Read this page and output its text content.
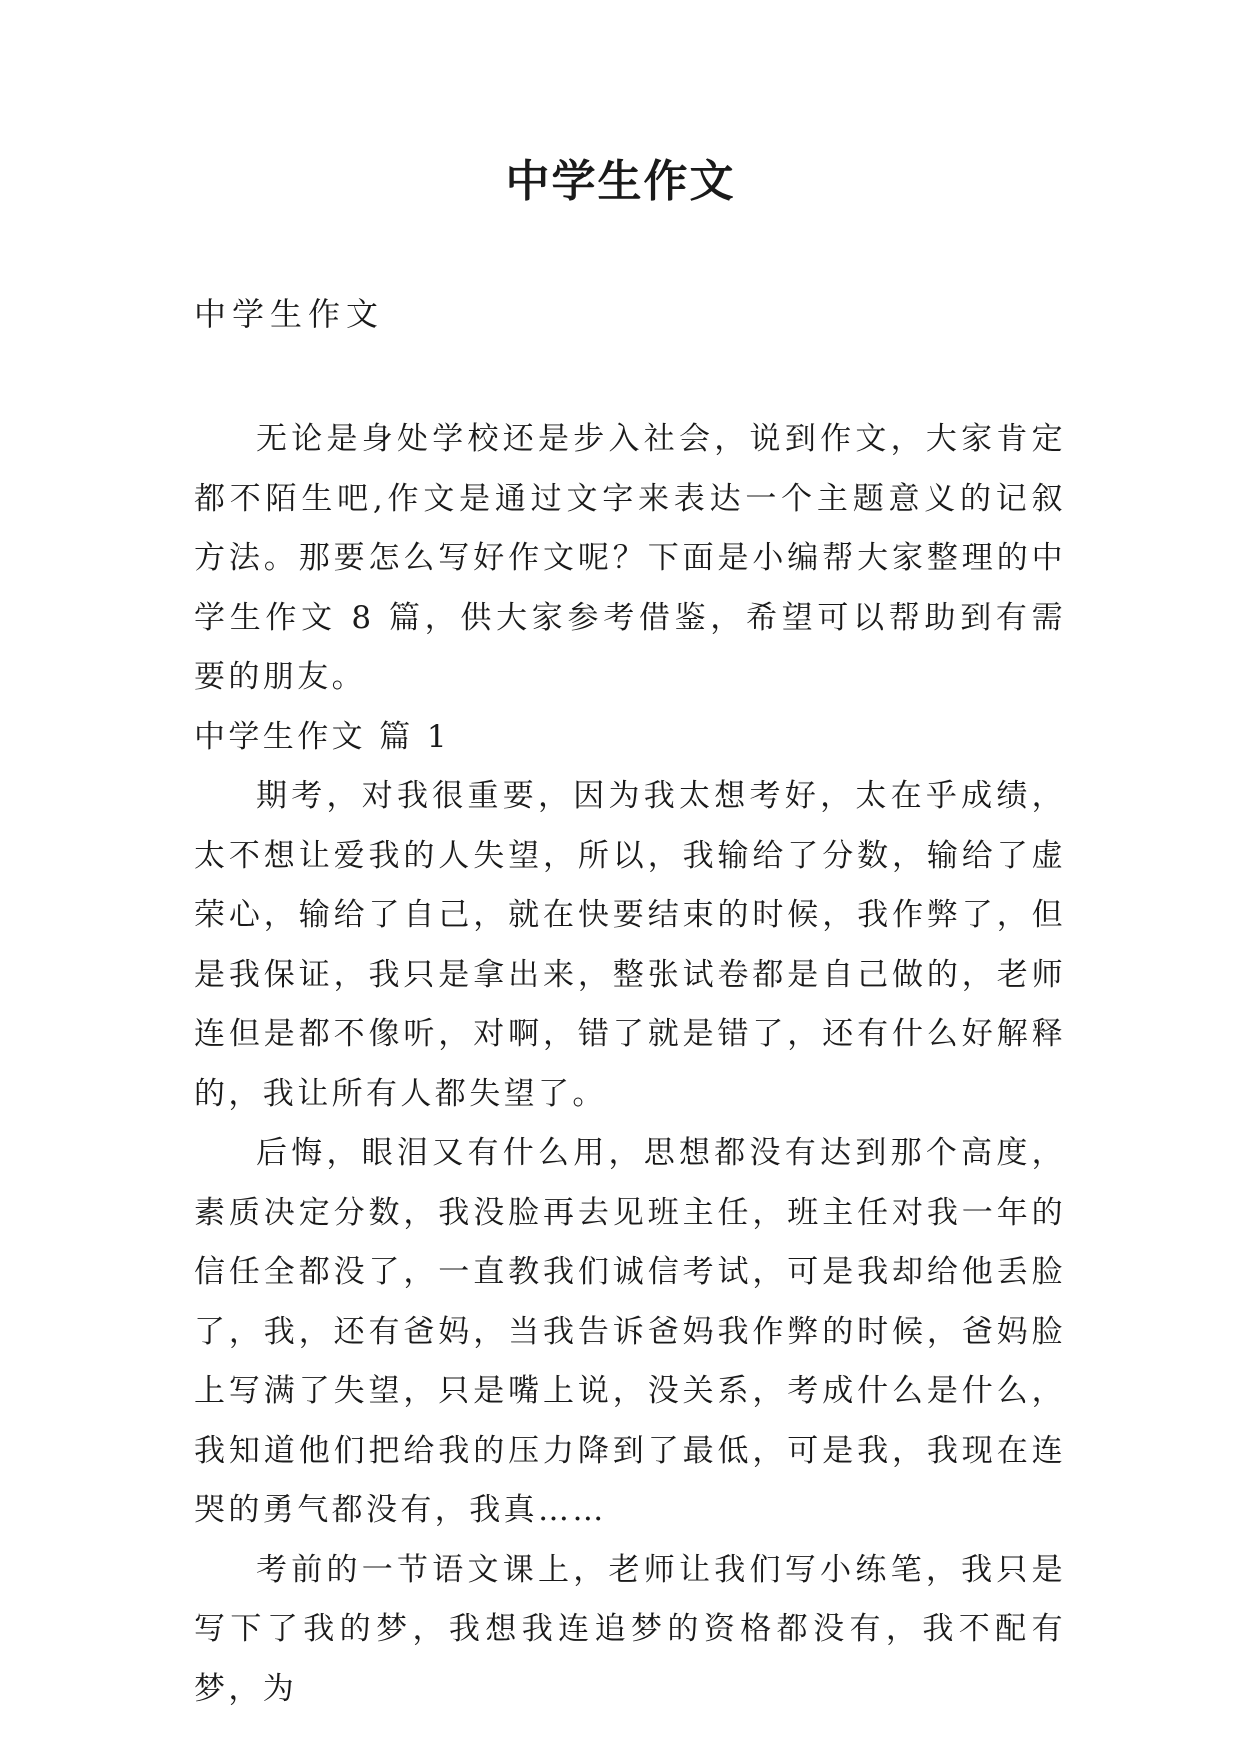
中学生作文
中学生作文

无论是身处学校还是步入社会，说到作文，大家肯定都不陌生吧,作文是通过文字来表达一个主题意义的记叙方法。那要怎么写好作文呢？下面是小编帮大家整理的中学生作文 8 篇，供大家参考借鉴，希望可以帮助到有需要的朋友。

中学生作文 篇 1

期考，对我很重要，因为我太想考好，太在乎成绩，太不想让爱我的人失望，所以，我输给了分数，输给了虚荣心，输给了自己，就在快要结束的时候，我作弊了，但是我保证，我只是拿出来，整张试卷都是自己做的，老师连但是都不像听，对啊，错了就是错了，还有什么好解释的，我让所有人都失望了。

后悔，眼泪又有什么用，思想都没有达到那个高度，素质决定分数，我没脸再去见班主任，班主任对我一年的信任全都没了，一直教我们诚信考试，可是我却给他丢脸了，我，还有爸妈，当我告诉爸妈我作弊的时候，爸妈脸上写满了失望，只是嘴上说，没关系，考成什么是什么，我知道他们把给我的压力降到了最低，可是我，我现在连哭的勇气都没有，我真……

考前的一节语文课上，老师让我们写小练笔，我只是写下了我的梦，我想我连追梦的资格都没有，我不配有梦，为
